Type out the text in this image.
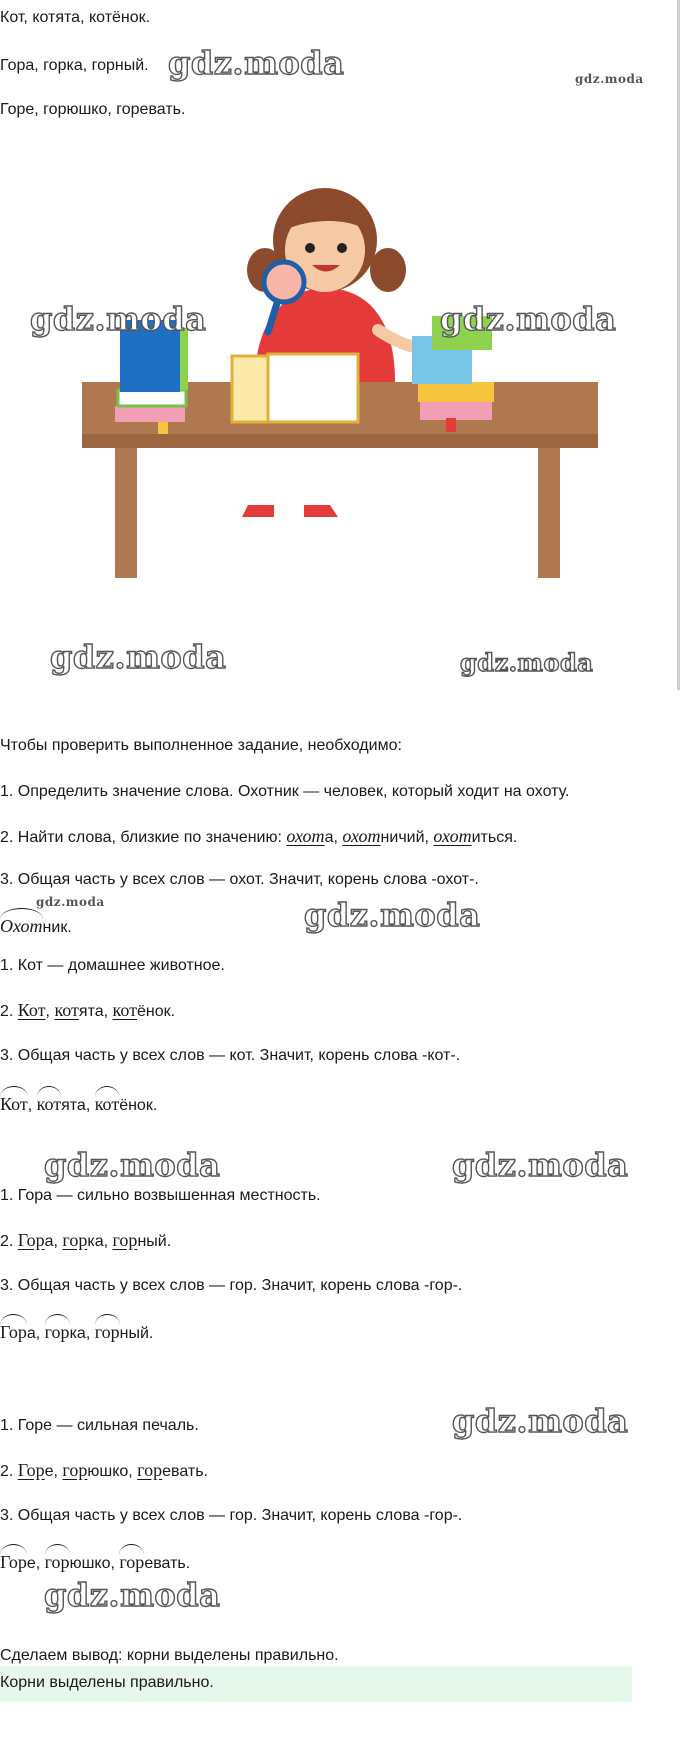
Кот, котята, котёнок.
Гора, горка, горный.
Горе, горюшко, горевать.
gdz.moda	gdz.moda
gdz.moda	gdz.moda
gdz.moda	gdz.moda
Чтобы проверить выполненное задание, необходимо:
1. Определить значение слова. Охотник — человек, который ходит на охоту.
2. Найти слова, близкие по значению: охота, охотничий, охотиться.
3. Общая часть у всех слов — охот. Значит, корень слова -охот-.
gdz.moda
Охотник.	gdz.moda
1. Кот — домашнее животное.
2. Кот, котята, котёнок.
3. Общая часть у всех слов — кот. Значит, корень слова -кот-.
Кот, котята, котёнок.
gdz.moda	gdz.moda
1. Гора — сильно возвышенная местность.
2. Гора, горка, горный.
3. Общая часть у всех слов — гор. Значит, корень слова -гор-.
Гора, горка, горный.
1. Горе — сильная печаль.	gdz.moda
2. Горе, горюшко, горевать.
3. Общая часть у всех слов — гор. Значит, корень слова -гор-.
Горе, горюшко, горевать.
gdz.moda
Сделаем вывод: корни выделены правильно.
Корни выделены правильно.
